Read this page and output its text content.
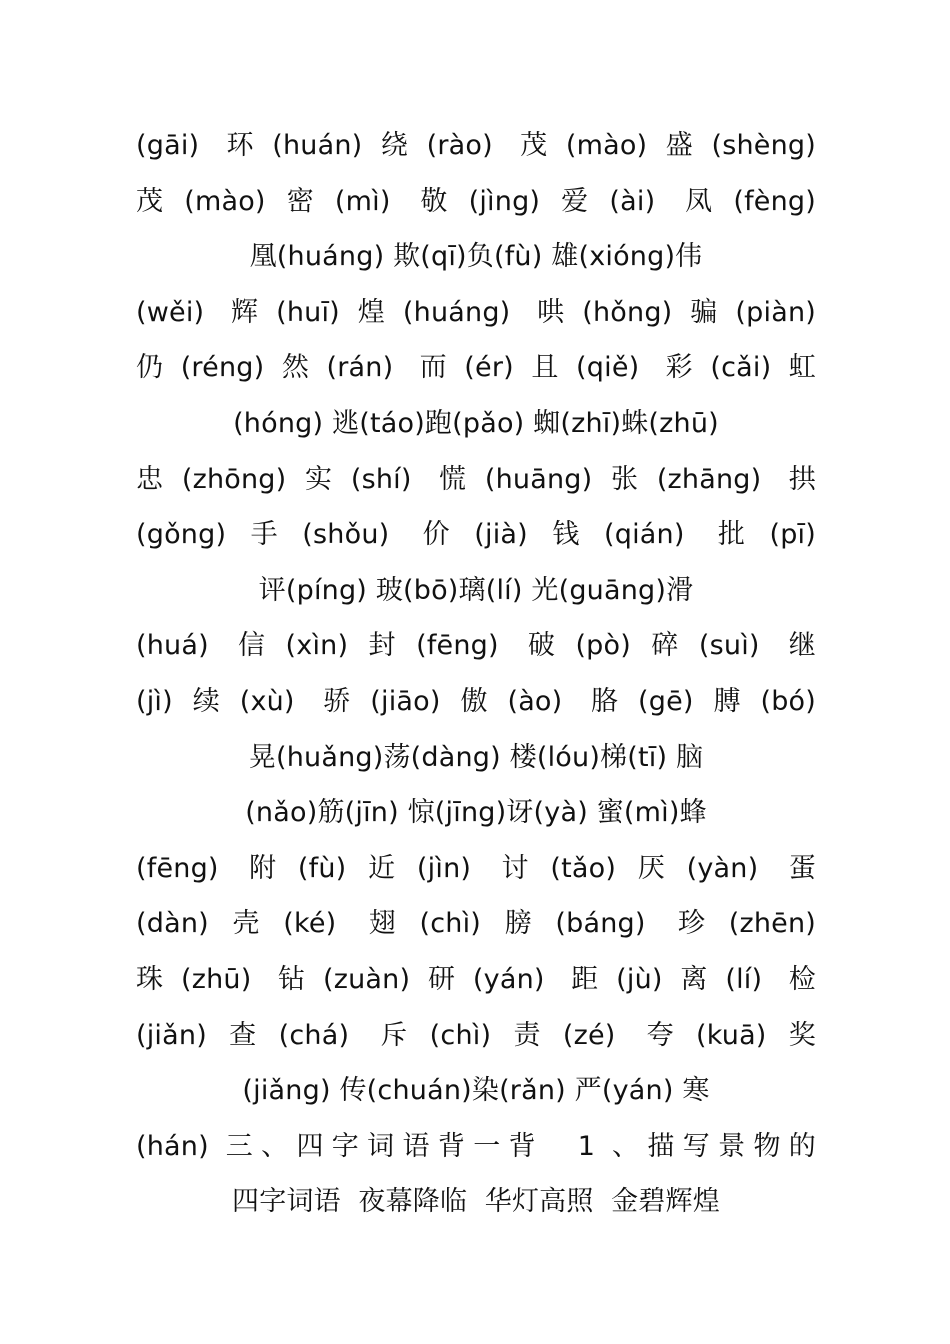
(gāi) 环(huán)绕(rào) 茂(mào)盛(shèng)
茂(mào)密(mì) 敬(jìng)爱(ài) 凤(fèng)
凰(huáng) 欺(qī)负(fù) 雄(xióng)伟
(wěi) 辉(huī)煌(huáng) 哄(hǒng)骗(piàn)
仍(réng)然(rán) 而(ér)且(qiě) 彩(cǎi)虹
(hóng) 逃(táo)跑(pǎo) 蜘(zhī)蛛(zhū)
忠(zhōng)实(shí) 慌(huāng)张(zhāng) 拱
(gǒng)手(shǒu) 价(jià)钱(qián) 批(pī)
评(píng) 玻(bō)璃(lí) 光(guāng)滑
(huá) 信(xìn)封(fēng) 破(pò)碎(suì) 继
(jì)续(xù) 骄(jiāo)傲(ào) 胳(gē)膊(bó)
晃(huǎng)荡(dàng) 楼(lóu)梯(tī) 脑
(nǎo)筋(jīn) 惊(jīng)讶(yà) 蜜(mì)蜂
(fēng) 附(fù)近(jìn) 讨(tǎo)厌(yàn) 蛋
(dàn)壳(ké) 翅(chì)膀(báng) 珍(zhēn)
珠(zhū) 钻(zuàn)研(yán) 距(jù)离(lí) 检
(jiǎn)查(chá) 斥(chì)责(zé) 夸(kuā)奖
(jiǎng) 传(chuán)染(rǎn) 严(yán) 寒
(hán) 三、四字词语背一背  1 、描写景物的
四字词语  夜幕降临  华灯高照  金碧辉煌
